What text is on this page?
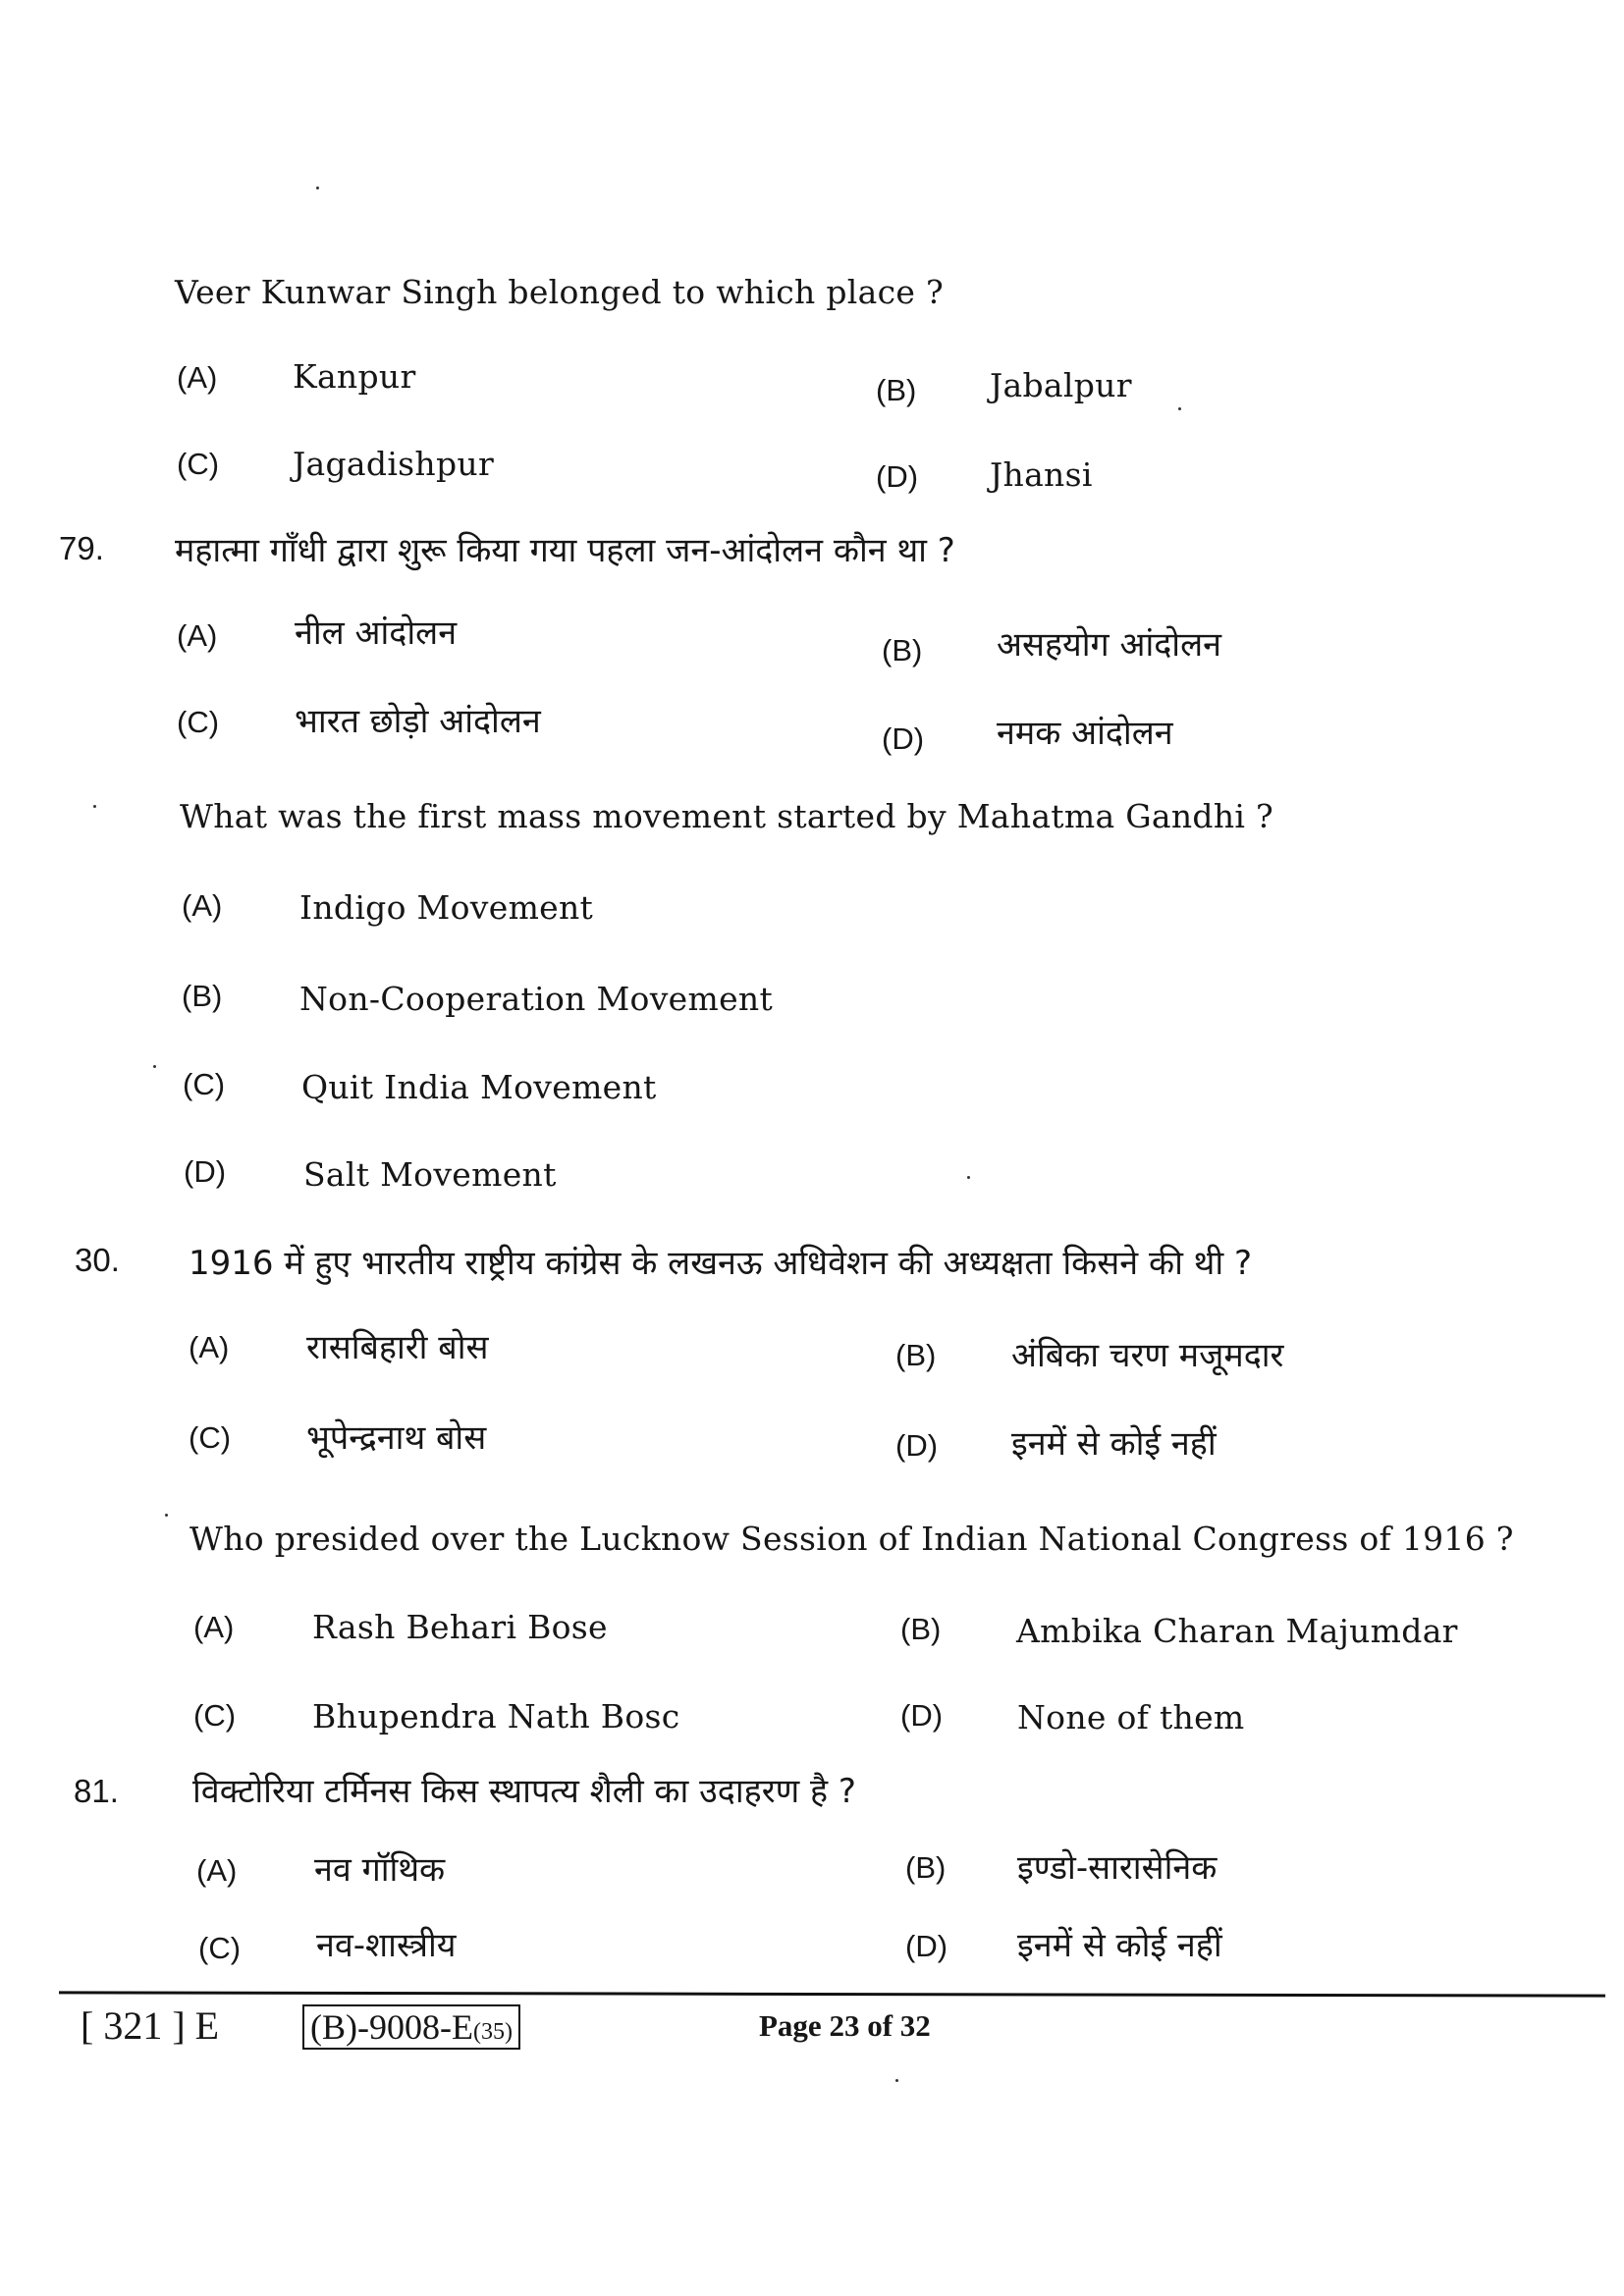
Veer Kunwar Singh belonged to which place ?
(A) Kanpur	(B) Jabalpur
(C) Jagadishpur	(D) Jhansi
79. महात्मा गाँधी द्वारा शुरू किया गया पहला जन-आंदोलन कौन था ?
(A) नील आंदोलन	(B) असहयोग आंदोलन
(C) भारत छोड़ो आंदोलन	(D) नमक आंदोलन
What was the first mass movement started by Mahatma Gandhi ?
(A) Indigo Movement
(B) Non-Cooperation Movement
(C) Quit India Movement
(D) Salt Movement
30. 1916 में हुए भारतीय राष्ट्रीय कांग्रेस के लखनऊ अधिवेशन की अध्यक्षता किसने की थी ?
(A) रासबिहारी बोस	(B) अंबिका चरण मजूमदार
(C) भूपेन्द्रनाथ बोस	(D) इनमें से कोई नहीं
Who presided over the Lucknow Session of Indian National Congress of 1916 ?
(A) Rash Behari Bose	(B) Ambika Charan Majumdar
(C) Bhupendra Nath Bosc	(D) None of them
81. विक्टोरिया टर्मिनस किस स्थापत्य शैली का उदाहरण है ?
(A) नव गॉथिक	(B) इण्डो-सारासेनिक
(C) नव-शास्त्रीय	(D) इनमें से कोई नहीं
[ 321 ] E	(B)-9008-E(35)	Page 23 of 32
